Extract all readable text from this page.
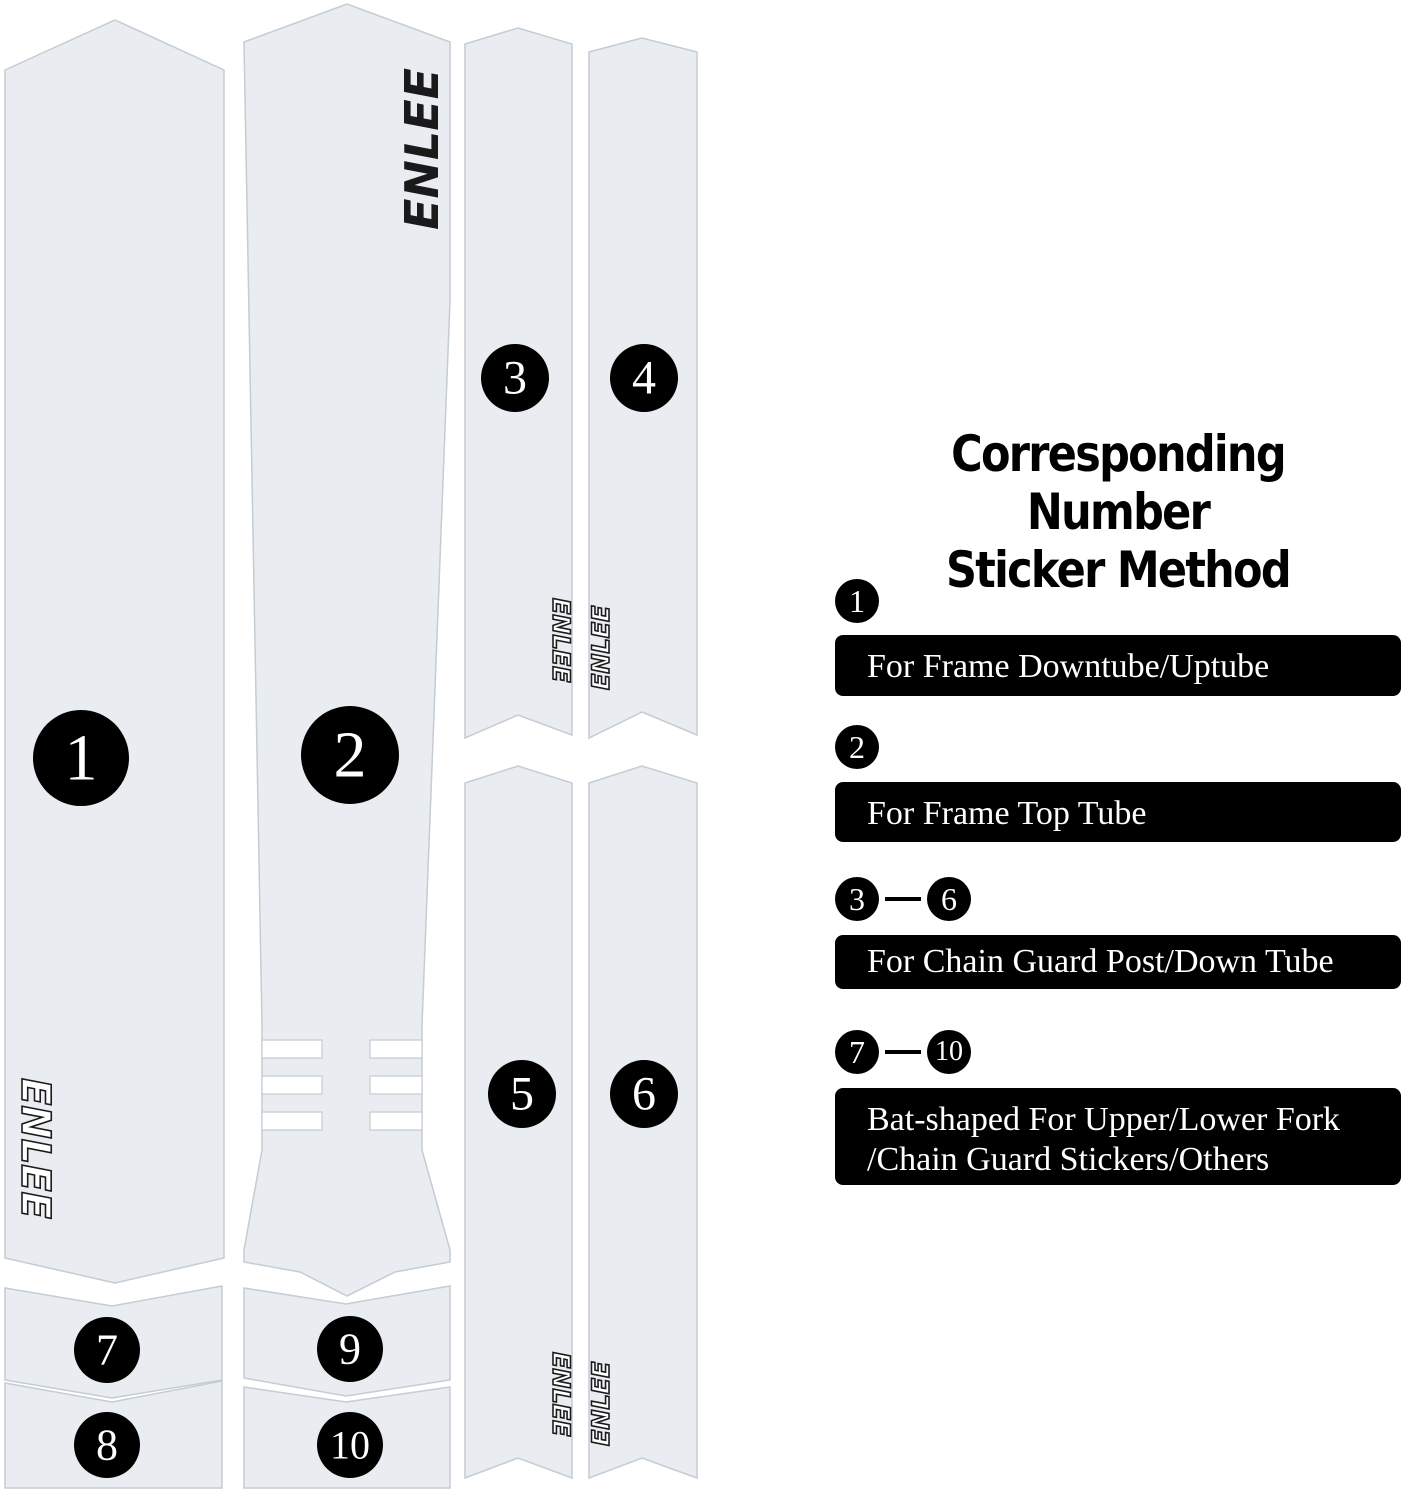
ENLEE
ENLEE
ENLEE ENLEE
ENLEE ENLEE
1	2
3 4
5 6
7
8
9
10
Corresponding Number
Sticker Method
1
For Frame Downtube/Uptube
2
For Frame Top Tube
3	6
For Chain Guard Post/Down Tube
7	10
Bat-shaped For Upper/Lower Fork
/Chain Guard Stickers/Others
